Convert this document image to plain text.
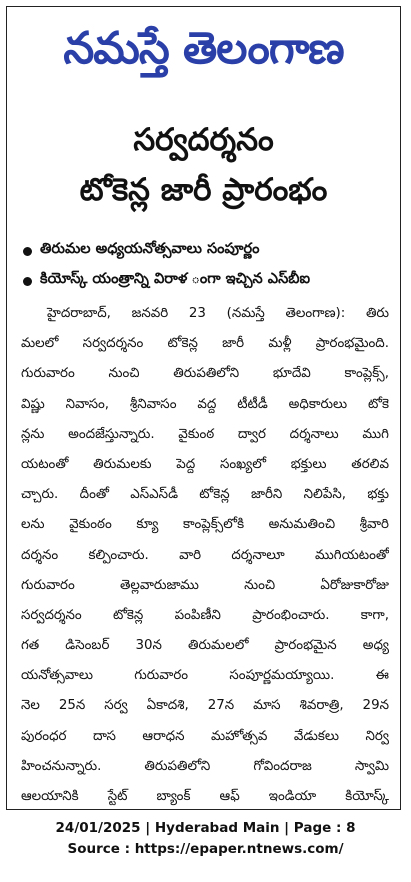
నమస్తే తెలంగాణ
సర్వదర్శనం
టోకెన్ల జారీ ప్రారంభం
తిరుమల అధ్యయనోత్సవాలు సంపూర్ణం
కియోస్క్ యంత్రాన్ని విరాళ ంగా ఇచ్చిన ఎస్‌బీఐ
హైదరాబాద్, జనవరి 23 (నమస్తే తెలంగాణ): తిరు
మలలో సర్వదర్శనం టోకెన్ల జారీ మళ్లీ ప్రారంభమైంది.
గురువారం నుంచి తిరుపతిలోని భూదేవి కాంప్లెక్స్,
విష్ణు నివాసం, శ్రీనివాసం వద్ద టీటీడీ అధికారులు టోకె
న్లను అందజేస్తున్నారు. వైకుంఠ ద్వార దర్శనాలు ముగి
యటంతో తిరుమలకు పెద్ద సంఖ్యలో భక్తులు తరలివ
చ్చారు. దీంతో ఎస్ఎస్‌డీ టోకెన్ల జారీని నిలిపేసి, భక్తు
లను వైకుంఠం క్యూ కాంప్లెక్స్‌లోకి అనుమతించి శ్రీవారి
దర్శనం కల్పించారు. వారి దర్శనాలూ ముగియటంతో
గురువారం తెల్లవారుజాము నుంచి ఏరోజుకారోజు
సర్వదర్శనం టోకెన్ల పంపిణీని ప్రారంభించారు. కాగా,
గత డిసెంబర్ 30న తిరుమలలో ప్రారంభమైన అధ్య
యనోత్సవాలు గురువారం సంపూర్ణమయ్యాయి. ఈ
నెల 25న సర్వ ఏకాదశి, 27న మాస శివరాత్రి, 29న
పురంధర దాస ఆరాధన మహోత్సవ వేడుకలు నిర్వ
హించనున్నారు. తిరుపతిలోని గోవిందరాజ స్వామి
ఆలయానికి స్టేట్ బ్యాంక్ ఆఫ్ ఇండియా కియోస్క్
24/01/2025 | Hyderabad Main | Page : 8
Source : https://epaper.ntnews.com/
